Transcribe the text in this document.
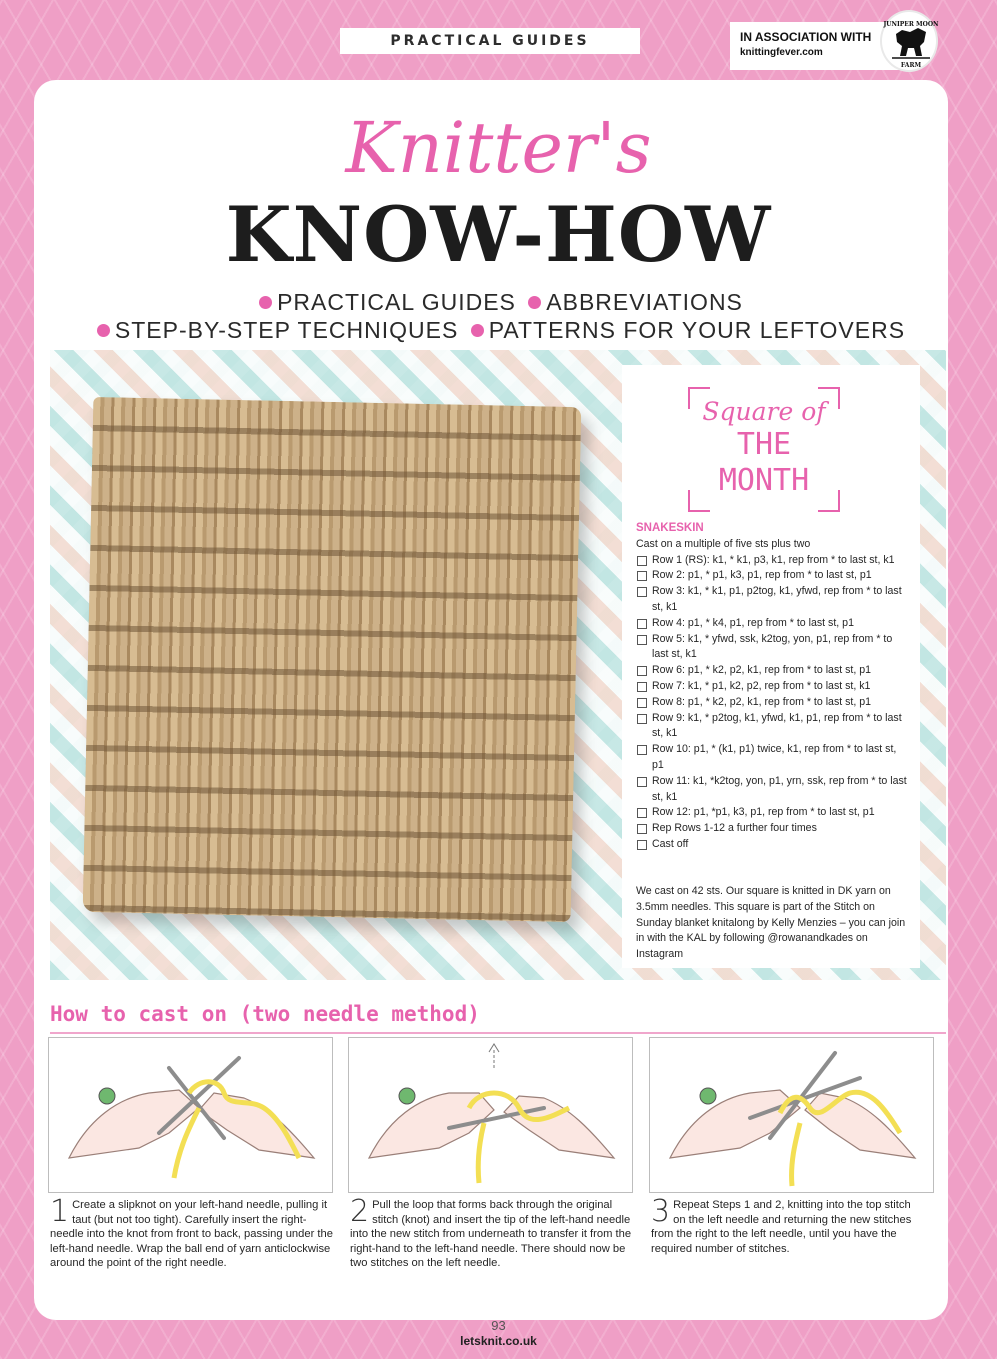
PRACTICAL GUIDES	IN ASSOCIATION WITH
knittingfever.com
JUNIPER MOON
FARM
Knitter's
KNOW-HOW
PRACTICAL GUIDES ABBREVIATIONS
STEP-BY-STEP TECHNIQUES PATTERNS FOR YOUR LEFTOVERS
Square of
THE
MONTH
SNAKESKIN
Cast on a multiple of five sts plus two
Row 1 (RS): k1, * k1, p3, k1, rep from * to last st, k1
Row 2: p1, * p1, k3, p1, rep from * to last st, p1
Row 3: k1, * k1, p1, p2tog, k1, yfwd, rep from * to last st, k1
Row 4: p1, * k4, p1, rep from * to last st, p1
Row 5: k1, * yfwd, ssk, k2tog, yon, p1, rep from * to last st, k1
Row 6: p1, * k2, p2, k1, rep from * to last st, p1
Row 7: k1, * p1, k2, p2, rep from * to last st, k1
Row 8: p1, * k2, p2, k1, rep from * to last st, p1
Row 9: k1, * p2tog, k1, yfwd, k1, p1, rep from * to last st, k1
Row 10: p1, * (k1, p1) twice, k1, rep from * to last st, p1
Row 11: k1, *k2tog, yon, p1, yrn, ssk, rep from * to last st, k1
Row 12: p1, *p1, k3, p1, rep from * to last st, p1
Rep Rows 1-12 a further four times
Cast off
We cast on 42 sts. Our square is knitted in DK yarn on 3.5mm needles. This square is part of the Stitch on Sunday blanket knitalong by Kelly Menzies – you can join in with the KAL by following @rowanandkades on Instagram
How to cast on (two needle method)
1 Create a slipknot on your left-hand needle, pulling it taut (but not too tight). Carefully insert the right-needle into the knot from front to back, passing under the left-hand needle. Wrap the ball end of yarn anticlockwise around the point of the right needle.
2 Pull the loop that forms back through the original stitch (knot) and insert the tip of the left-hand needle into the new stitch from underneath to transfer it from the right-hand to the left-hand needle. There should now be two stitches on the left needle.
3 Repeat Steps 1 and 2, knitting into the top stitch on the left needle and returning the new stitches from the right to the left needle, until you have the required number of stitches.
93
letsknit.co.uk
